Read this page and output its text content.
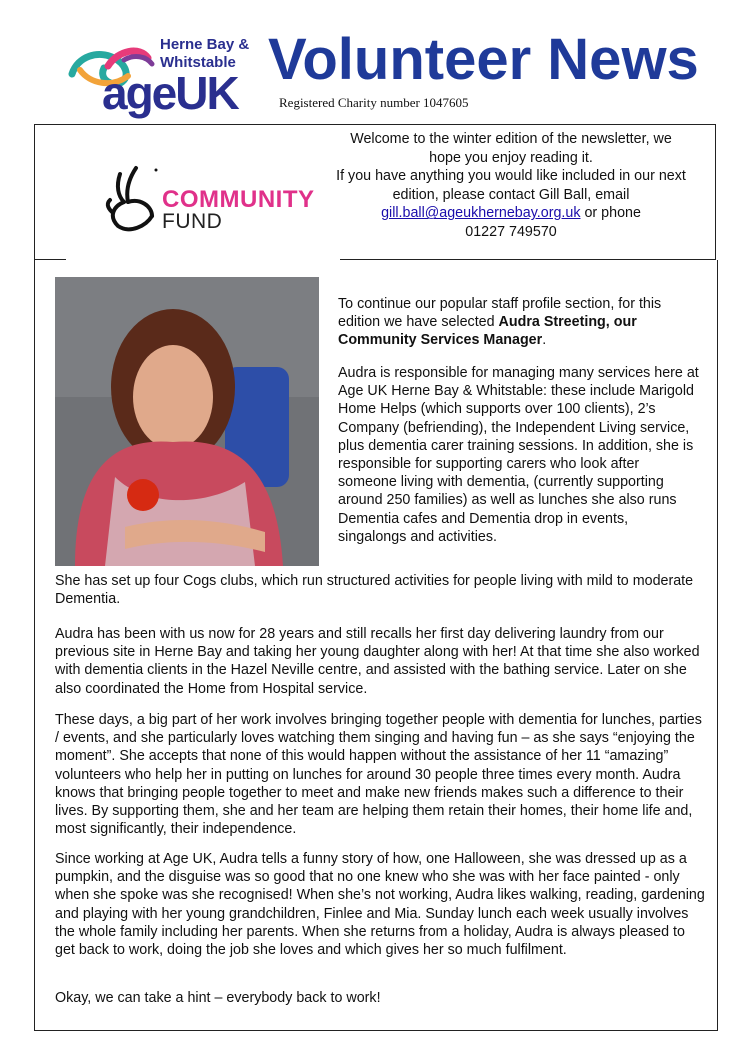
Herne Bay &
Whitstable
ageUK
Volunteer News
Registered Charity number 1047605
COMMUNITY
FUND
Welcome to the winter edition of the newsletter, we hope you enjoy reading it.
If you have anything you would like included in our next edition, please contact Gill Ball, email gill.ball@ageukhernebay.org.uk or phone
01227 749570
To continue our popular staff profile section, for this edition we have selected Audra Streeting, our Community Services Manager.
Audra is responsible for managing many services here at Age UK Herne Bay & Whitstable: these include Marigold Home Helps (which supports over 100 clients), 2’s Company (befriending), the Independent Living service, plus dementia carer training sessions. In addition, she is responsible for supporting carers who look after someone living with dementia, (currently supporting around 250 families) as well as lunches she also runs Dementia cafes and Dementia drop in events, singalongs and activities.
She has set up four Cogs clubs, which run structured activities for people living with mild to moderate Dementia.
Audra has been with us now for 28 years and still recalls her first day delivering laundry from our previous site in Herne Bay and taking her young daughter along with her! At that time she also worked with dementia clients in the Hazel Neville centre, and assisted with the bathing service. Later on she also coordinated the Home from Hospital service.
These days, a big part of her work involves bringing together people with dementia for lunches, parties / events, and she particularly loves watching them singing and having fun – as she says “enjoying the moment”. She accepts that none of this would happen without the assistance of her 11 “amazing” volunteers who help her in putting on lunches for around 30 people three times every month. Audra knows that bringing people together to meet and make new friends makes such a difference to their lives. By supporting them, she and her team are helping them retain their homes, their home life and, most significantly, their independence.
Since working at Age UK, Audra tells a funny story of how, one Halloween, she was dressed up as a pumpkin, and the disguise was so good that no one knew who she was with her face painted - only when she spoke was she recognised! When she’s not working, Audra likes walking, reading, gardening and playing with her young grandchildren, Finlee and Mia. Sunday lunch each week usually involves the whole family including her parents. When she returns from a holiday, Audra is always pleased to get back to work, doing the job she loves and which gives her so much fulfilment.
Okay, we can take a hint – everybody back to work!
